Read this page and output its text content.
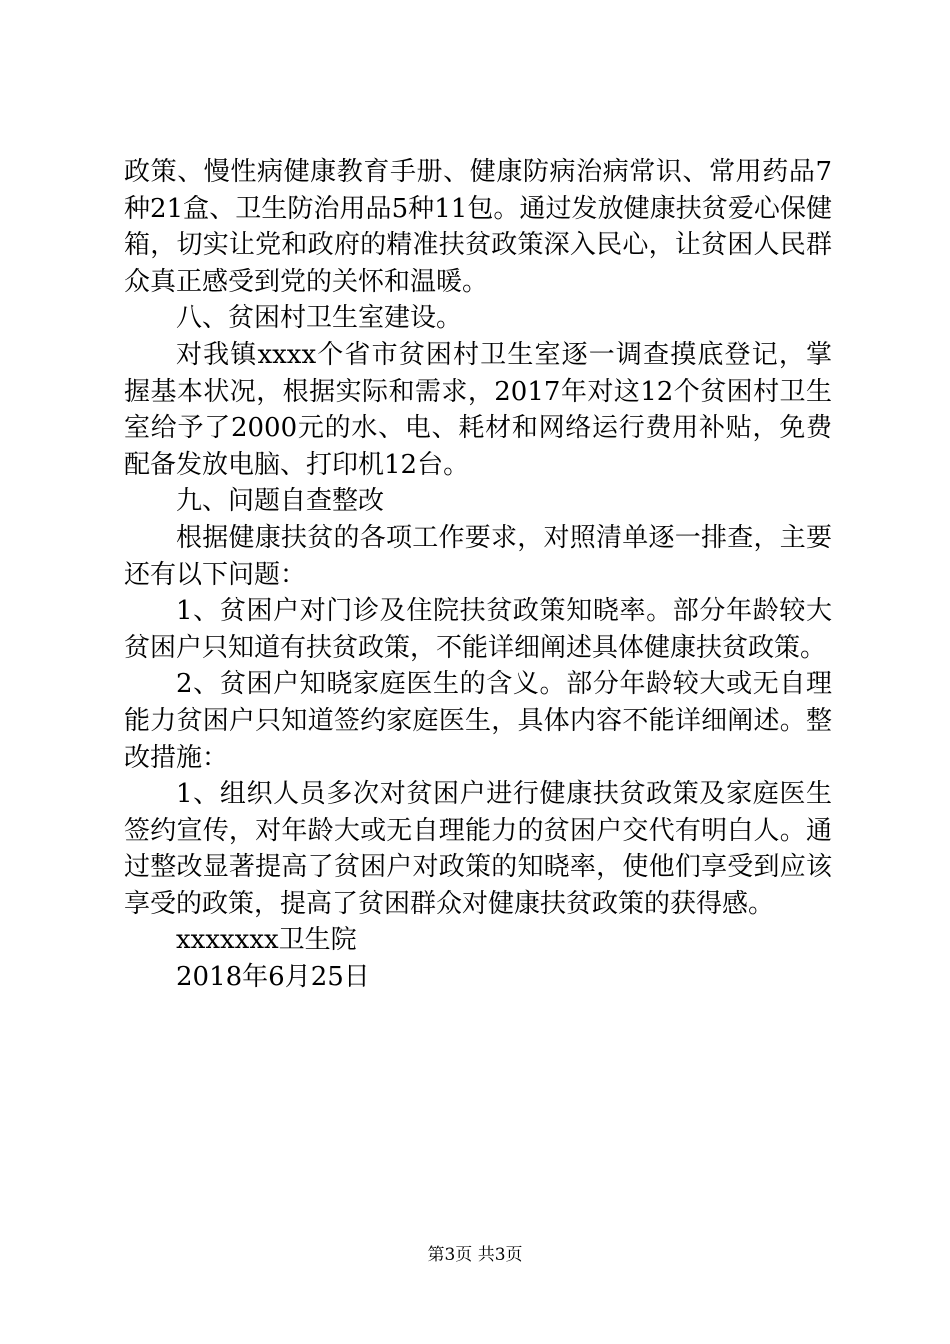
政策、慢性病健康教育手册、健康防病治病常识、常用药品7种21盒、卫生防治用品5种11包。通过发放健康扶贫爱心保健箱，切实让党和政府的精准扶贫政策深入民心，让贫困人民群众真正感受到党的关怀和温暖。

八、贫困村卫生室建设。

对我镇xxxx个省市贫困村卫生室逐一调查摸底登记，掌握基本状况，根据实际和需求，2017年对这12个贫困村卫生室给予了2000元的水、电、耗材和网络运行费用补贴，免费配备发放电脑、打印机12台。

九、问题自查整改

根据健康扶贫的各项工作要求，对照清单逐一排查，主要还有以下问题：

1、贫困户对门诊及住院扶贫政策知晓率。部分年龄较大贫困户只知道有扶贫政策，不能详细阐述具体健康扶贫政策。

2、贫困户知晓家庭医生的含义。部分年龄较大或无自理能力贫困户只知道签约家庭医生，具体内容不能详细阐述。整改措施：

1、组织人员多次对贫困户进行健康扶贫政策及家庭医生签约宣传，对年龄大或无自理能力的贫困户交代有明白人。通过整改显著提高了贫困户对政策的知晓率，使他们享受到应该享受的政策，提高了贫困群众对健康扶贫政策的获得感。

xxxxxxx卫生院

2018年6月25日

第3页 共3页
